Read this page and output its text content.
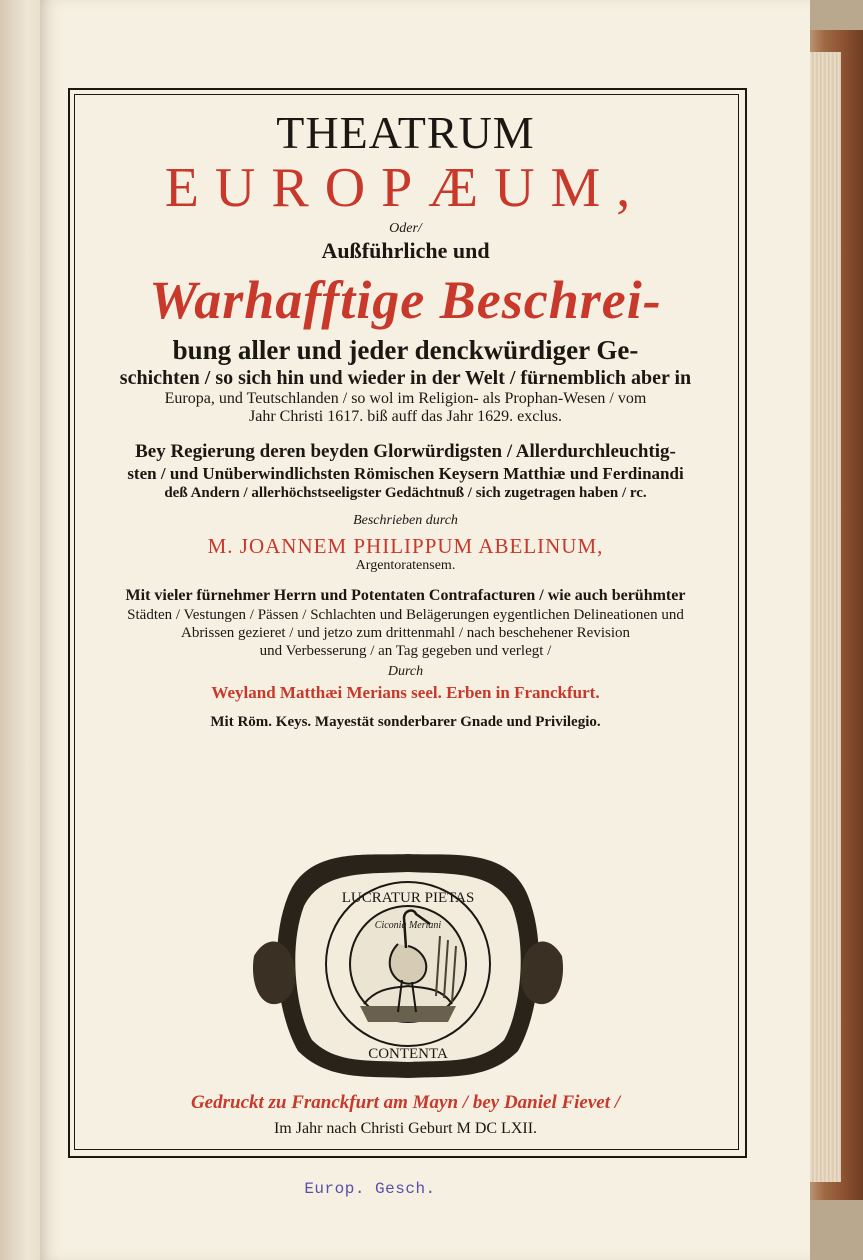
THEATRUM

EUROPÆUM,

Oder/

Außführliche und

Warhafftige Beschrei-

bung aller und jeder denckwürdiger Ge-

schichten / so sich hin und wieder in der Welt / fürnemblich aber in

Europa, und Teutschlanden / so wol im Religion- als Prophan-Wesen / vom

Jahr Christi 1617. biß auff das Jahr 1629. exclus.

Bey Regierung deren beyden Glorwürdigsten / Allerdurchleuchtig-

sten / und Unüberwindlichsten Römischen Keysern Matthiæ und Ferdinandi

deß Andern / allerhöchstseeligster Gedächtnuß / sich zugetragen haben / rc.

Beschrieben durch

M. JOANNEM PHILIPPUM ABELINUM,

Argentoratensem.

Mit vieler fürnehmer Herrn und Potentaten Contrafacturen / wie auch berühmter

Städten / Vestungen / Pässen / Schlachten und Belägerungen eygentlichen Delineationen und

Abrissen gezieret / und jetzo zum drittenmahl / nach beschehener Revision

und Verbesserung / an Tag gegeben und verlegt /

Durch

Weyland Matthæi Merians seel. Erben in Franckfurt.

Mit Röm. Keys. Mayestät sonderbarer Gnade und Privilegio.

LUCRATUR PIETAS
CONTENTA
Ciconia Meriani

Gedruckt zu Franckfurt am Mayn / bey Daniel Fievet /

Im Jahr nach Christi Geburt M DC LXII.

Europ. Gesch.
